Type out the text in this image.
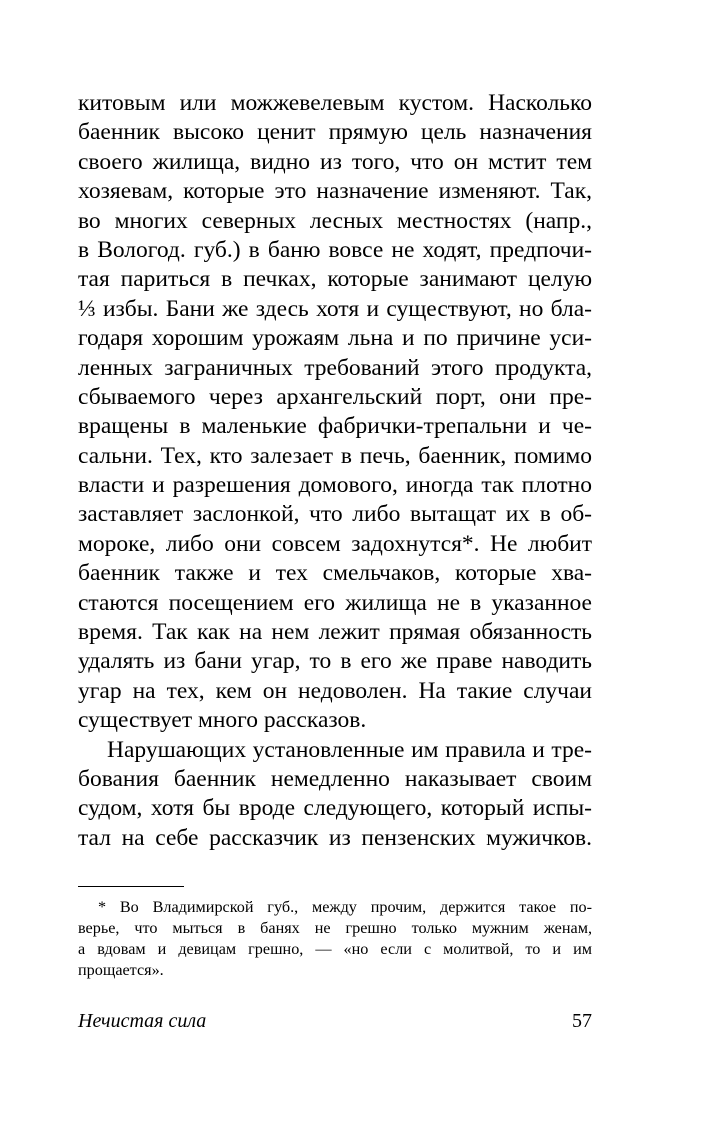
китовым или можжевелевым кустом. Насколько
баенник высоко ценит прямую цель назначения
своего жилища, видно из того, что он мстит тем
хозяевам, которые это назначение изменяют. Так,
во многих северных лесных местностях (напр.,
в Вологод. губ.) в баню вовсе не ходят, предпочи-
тая париться в печках, которые занимают целую
⅓ избы. Бани же здесь хотя и существуют, но бла-
годаря хорошим урожаям льна и по причине уси-
ленных заграничных требований этого продукта,
сбываемого через архангельский порт, они пре-
вращены в маленькие фабрички-трепальни и че-
сальни. Тех, кто залезает в печь, баенник, помимо
власти и разрешения домового, иногда так плотно
заставляет заслонкой, что либо вытащат их в об-
мороке, либо они совсем задохнутся*. Не любит
баенник также и тех смельчаков, которые хва-
стаются посещением его жилища не в указанное
время. Так как на нем лежит прямая обязанность
удалять из бани угар, то в его же праве наводить
угар на тех, кем он недоволен. На такие случаи
существует много рассказов.
Нарушающих установленные им правила и тре-
бования баенник немедленно наказывает своим
судом, хотя бы вроде следующего, который испы-
тал на себе рассказчик из пензенских мужичков.
* Во Владимирской губ., между прочим, держится такое по-
верье, что мыться в банях не грешно только мужним женам,
а вдовам и девицам грешно, — «но если с молитвой, то и им
прощается».
Нечистая сила	57
